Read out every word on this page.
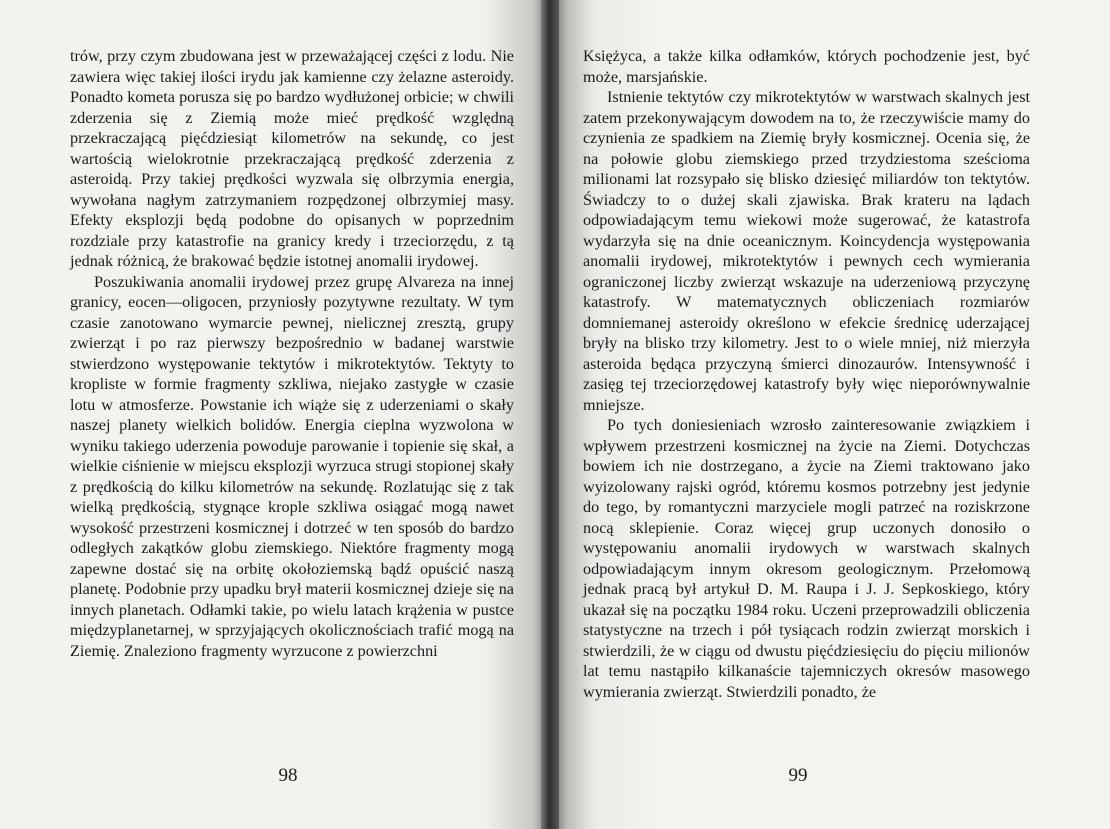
trów, przy czym zbudowana jest w przeważającej części z lodu. Nie zawiera więc takiej ilości irydu jak kamienne czy żelazne asteroidy. Ponadto kometa porusza się po bardzo wydłużonej orbicie; w chwili zderzenia się z Ziemią może mieć prędkość względną przekraczającą pięćdziesiąt kilometrów na sekundę, co jest wartością wielokrotnie przekraczającą prędkość zderzenia z asteroidą. Przy takiej prędkości wyzwala się olbrzymia energia, wywołana nagłym zatrzymaniem rozpędzonej olbrzymiej masy. Efekty eksplozji będą podobne do opisanych w poprzednim rozdziale przy katastrofie na granicy kredy i trzeciorzędu, z tą jednak różnicą, że brakować będzie istotnej anomalii irydowej.

Poszukiwania anomalii irydowej przez grupę Alvareza na innej granicy, eocen—oligocen, przyniosły pozytywne rezultaty. W tym czasie zanotowano wymarcie pewnej, nielicznej zresztą, grupy zwierząt i po raz pierwszy bezpośrednio w badanej warstwie stwierdzono występowanie tektytów i mikrotektytów. Tektyty to kropliste w formie fragmenty szkliwa, niejako zastygłe w czasie lotu w atmosferze. Powstanie ich wiąże się z uderzeniami o skały naszej planety wielkich bolidów. Energia cieplna wyzwolona w wyniku takiego uderzenia powoduje parowanie i topienie się skał, a wielkie ciśnienie w miejscu eksplozji wyrzuca strugi stopionej skały z prędkością do kilku kilometrów na sekundę. Rozlatując się z tak wielką prędkością, stygnące krople szkliwa osiągać mogą nawet wysokość przestrzeni kosmicznej i dotrzeć w ten sposób do bardzo odległych zakątków globu ziemskiego. Niektóre fragmenty mogą zapewne dostać się na orbitę okołoziemską bądź opuścić naszą planetę. Podobnie przy upadku brył materii kosmicznej dzieje się na innych planetach. Odłamki takie, po wielu latach krążenia w pustce międzyplanetarnej, w sprzyjających okolicznościach trafić mogą na Ziemię. Znaleziono fragmenty wyrzucone z powierzchni

98

Księżyca, a także kilka odłamków, których pochodzenie jest, być może, marsjańskie.

Istnienie tektytów czy mikrotektytów w warstwach skalnych jest zatem przekonywającym dowodem na to, że rzeczywiście mamy do czynienia ze spadkiem na Ziemię bryły kosmicznej. Ocenia się, że na połowie globu ziemskiego przed trzydziestoma sześcioma milionami lat rozsypało się blisko dziesięć miliardów ton tektytów. Świadczy to o dużej skali zjawiska. Brak krateru na lądach odpowiadającym temu wiekowi może sugerować, że katastrofa wydarzyła się na dnie oceanicznym. Koincydencja występowania anomalii irydowej, mikrotektytów i pewnych cech wymierania ograniczonej liczby zwierząt wskazuje na uderzeniową przyczynę katastrofy. W matematycznych obliczeniach rozmiarów domniemanej asteroidy określono w efekcie średnicę uderzającej bryły na blisko trzy kilometry. Jest to o wiele mniej, niż mierzyła asteroida będąca przyczyną śmierci dinozaurów. Intensywność i zasięg tej trzeciorzędowej katastrofy były więc nieporównywalnie mniejsze.

Po tych doniesieniach wzrosło zainteresowanie związkiem i wpływem przestrzeni kosmicznej na życie na Ziemi. Dotychczas bowiem ich nie dostrzegano, a życie na Ziemi traktowano jako wyizolowany rajski ogród, któremu kosmos potrzebny jest jedynie do tego, by romantyczni marzyciele mogli patrzeć na roziskrzone nocą sklepienie. Coraz więcej grup uczonych donosiło o występowaniu anomalii irydowych w warstwach skalnych odpowiadającym innym okresom geologicznym. Przełomową jednak pracą był artykuł D. M. Raupa i J. J. Sepkoskiego, który ukazał się na początku 1984 roku. Uczeni przeprowadzili obliczenia statystyczne na trzech i pół tysiącach rodzin zwierząt morskich i stwierdzili, że w ciągu od dwustu pięćdziesięciu do pięciu milionów lat temu nastąpiło kilkanaście tajemniczych okresów masowego wymierania zwierząt. Stwierdzili ponadto, że

99
